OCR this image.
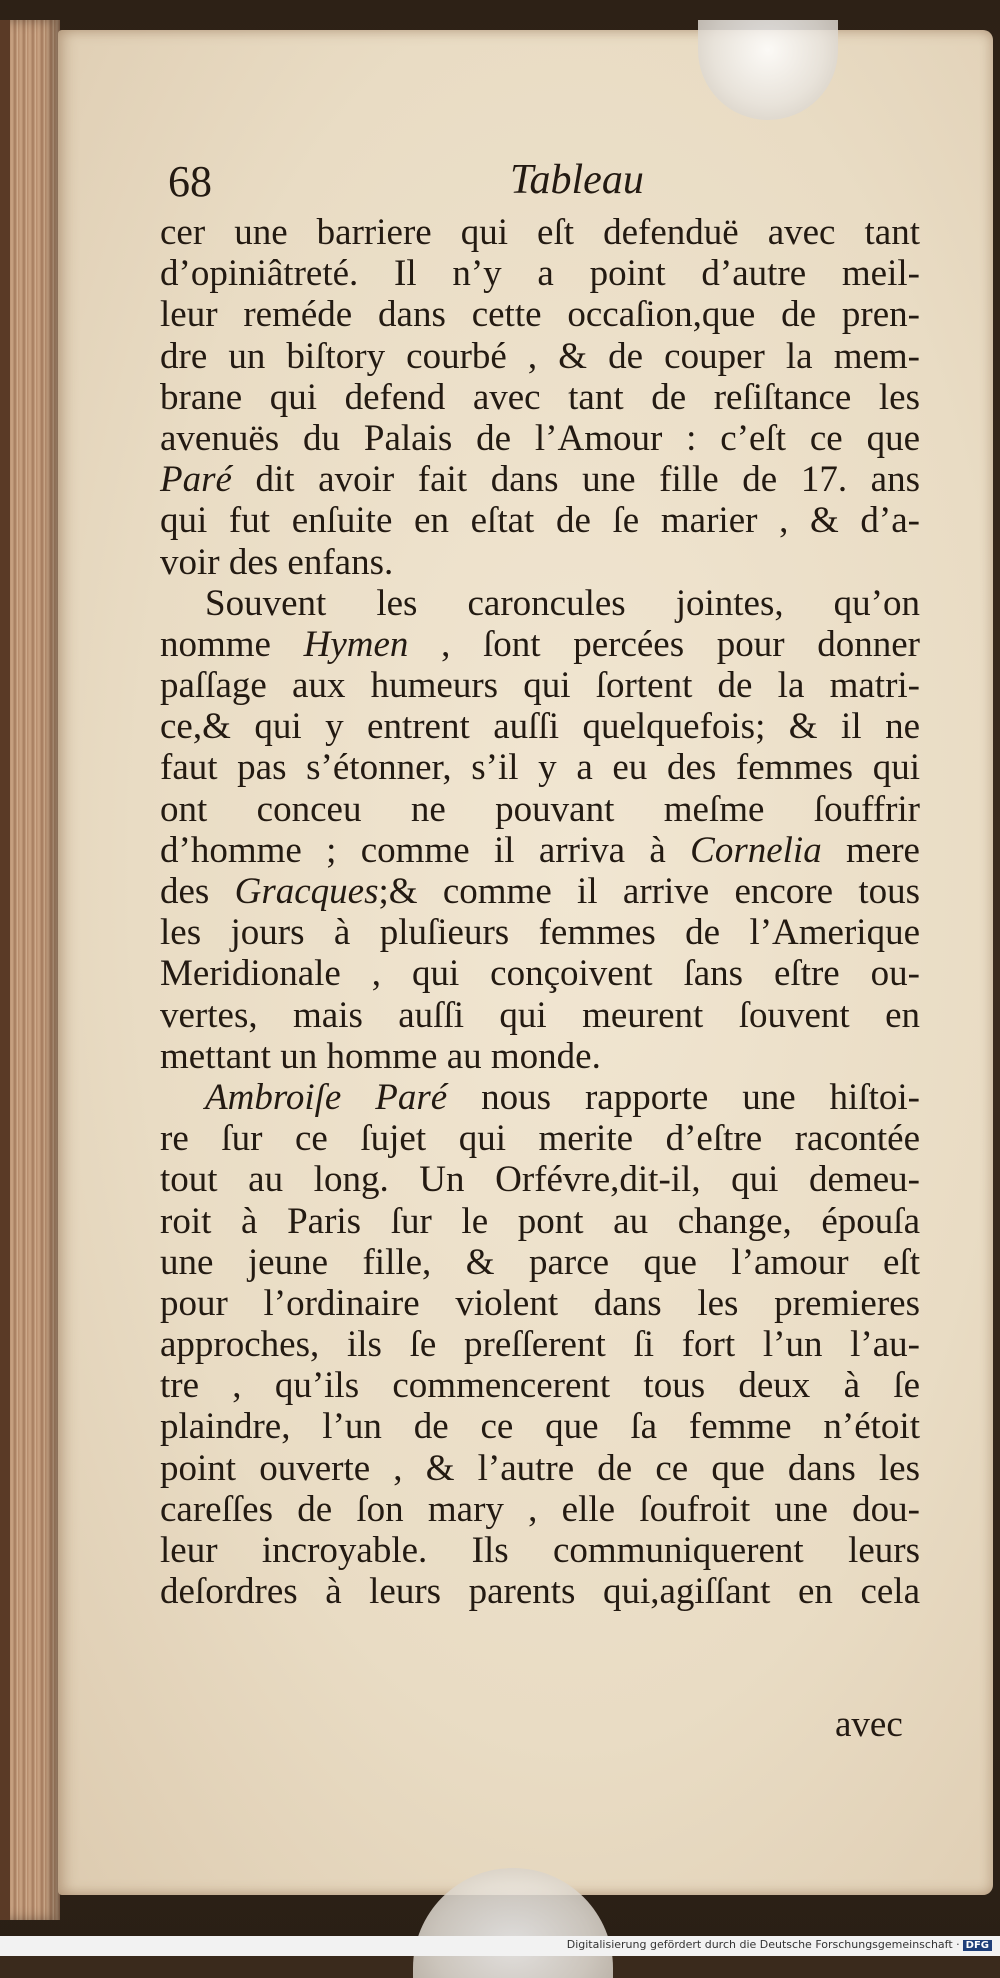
68	Tableau
cer une barriere qui eſt defenduë avec tant
d’opiniâtreté. Il n’y a point d’autre meil-
leur reméde dans cette occaſion,que de pren-
dre un biſtory courbé , & de couper la mem-
brane qui defend avec tant de reſiſtance les
avenuës du Palais de l’Amour : c’eſt ce que
Paré dit avoir fait dans une fille de 17. ans
qui fut enſuite en eſtat de ſe marier , & d’a-
voir des enfans.
Souvent les caroncules jointes, qu’on
nomme Hymen , ſont percées pour donner
paſſage aux humeurs qui ſortent de la matri-
ce,& qui y entrent auſſi quelquefois; & il ne
faut pas s’étonner, s’il y a eu des femmes qui
ont conceu ne pouvant meſme ſouffrir
d’homme ; comme il arriva à Cornelia mere
des Gracques;& comme il arrive encore tous
les jours à pluſieurs femmes de l’Amerique
Meridionale , qui conçoivent ſans eſtre ou-
vertes, mais auſſi qui meurent ſouvent en
mettant un homme au monde.
Ambroiſe Paré nous rapporte une hiſtoi-
re ſur ce ſujet qui merite d’eſtre racontée
tout au long. Un Orfévre,dit-il, qui demeu-
roit à Paris ſur le pont au change, épouſa
une jeune fille, & parce que l’amour eſt
pour l’ordinaire violent dans les premieres
approches, ils ſe preſſerent ſi fort l’un l’au-
tre , qu’ils commencerent tous deux à ſe
plaindre, l’un de ce que ſa femme n’étoit
point ouverte , & l’autre de ce que dans les
careſſes de ſon mary , elle ſoufroit une dou-
leur incroyable. Ils communiquerent leurs
deſordres à leurs parents qui,agiſſant en cela
avec
Digitalisierung gefördert durch die Deutsche Forschungsgemeinschaft · DFG
